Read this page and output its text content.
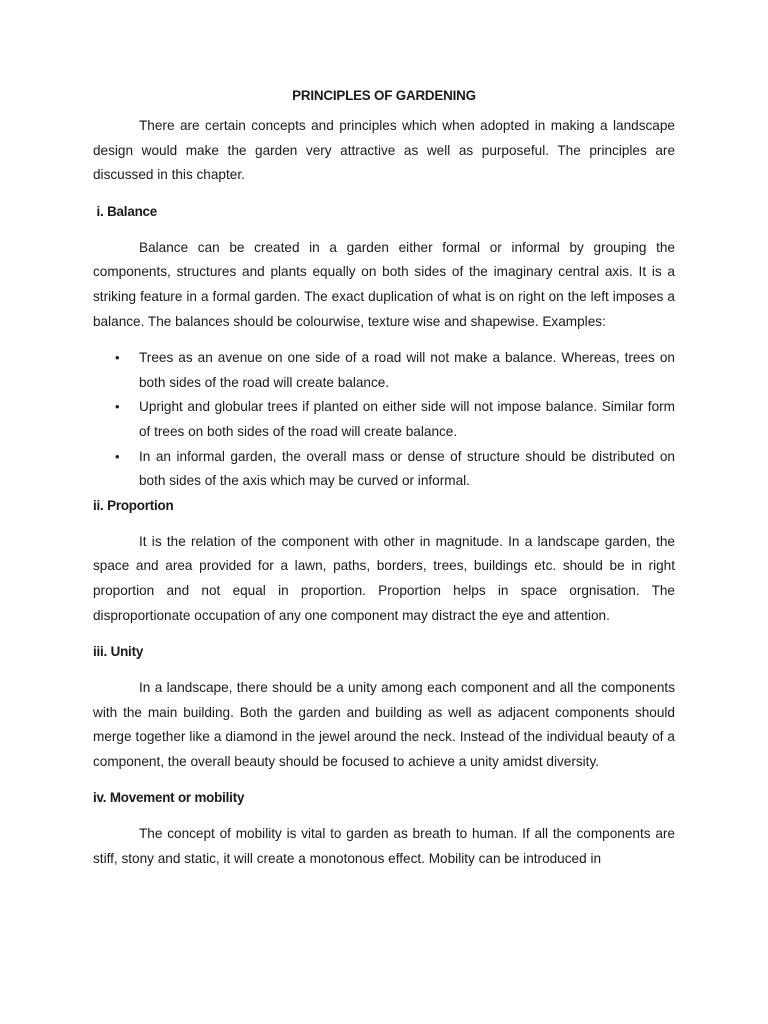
PRINCIPLES OF GARDENING

There are certain concepts and principles which when adopted in making a landscape design would make the garden very attractive as well as purposeful. The principles are discussed in this chapter.

i. Balance

Balance can be created in a garden either formal or informal by grouping the components, structures and plants equally on both sides of the imaginary central axis. It is a striking feature in a formal garden. The exact duplication of what is on right on the left imposes a balance. The balances should be colourwise, texture wise and shapewise. Examples:

• Trees as an avenue on one side of a road will not make a balance. Whereas, trees on both sides of the road will create balance.
• Upright and globular trees if planted on either side will not impose balance. Similar form of trees on both sides of the road will create balance.
• In an informal garden, the overall mass or dense of structure should be distributed on both sides of the axis which may be curved or informal.
ii. Proportion

It is the relation of the component with other in magnitude. In a landscape garden, the space and area provided for a lawn, paths, borders, trees, buildings etc. should be in right proportion and not equal in proportion. Proportion helps in space orgnisation. The disproportionate occupation of any one component may distract the eye and attention.

iii. Unity

In a landscape, there should be a unity among each component and all the components with the main building. Both the garden and building as well as adjacent components should merge together like a diamond in the jewel around the neck. Instead of the individual beauty of a component, the overall beauty should be focused to achieve a unity amidst diversity.

iv. Movement or mobility

The concept of mobility is vital to garden as breath to human. If all the components are stiff, stony and static, it will create a monotonous effect. Mobility can be introduced in
